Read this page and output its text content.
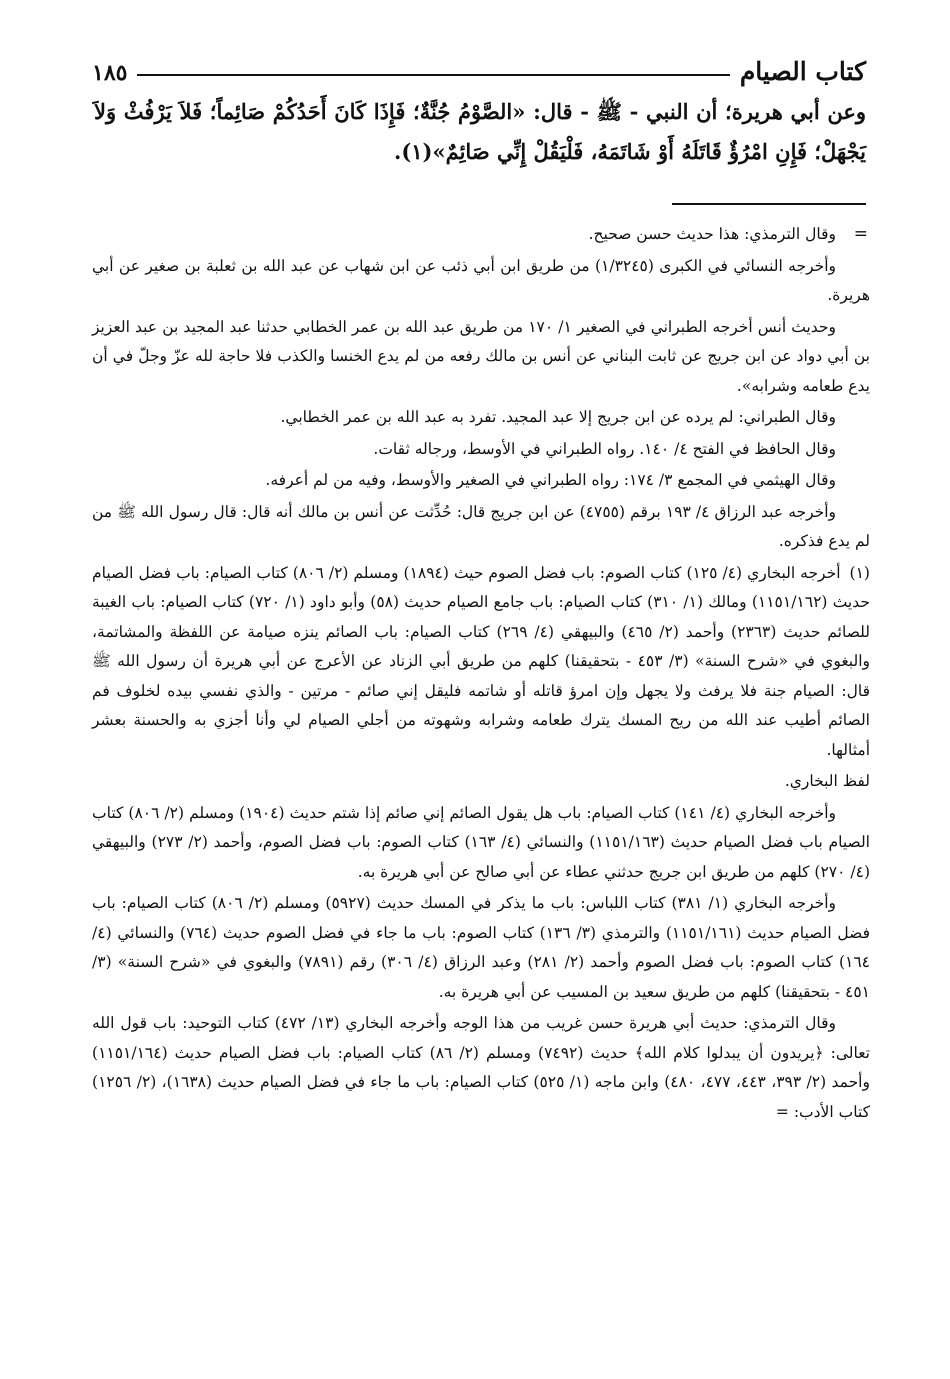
كتاب الصيام
١٨٥
وعن أبي هريرة؛ أن النبي - ﷺ - قال: «الصَّوْمُ جُنَّةٌ؛ فَإِذَا كَانَ أَحَدُكُمْ صَائِماً؛ فَلاَ يَرْفُثْ وَلاَ يَجْهَلْ؛ فَإِنِ امْرُؤٌ قَاتَلَهُ أَوْ شَاتَمَهُ، فَلْيَقُلْ إِنِّي صَائِمٌ»(١).

=
وقال الترمذي: هذا حديث حسن صحيح.

وأخرجه النسائي في الكبرى (١/٣٢٤٥) من طريق ابن أبي ذئب عن ابن شهاب عن عبد الله بن ثعلبة بن صغير عن أبي هريرة.

وحديث أنس أخرجه الطبراني في الصغير ١/ ١٧٠ من طريق عبد الله بن عمر الخطابي حدثنا عبد المجيد بن عبد العزيز بن أبي دواد عن ابن جريج عن ثابت البناني عن أنس بن مالك رفعه من لم يدع الخنسا والكذب فلا حاجة لله عزّ وجلّ في أن يدع طعامه وشرابه».

وقال الطبراني: لم يرده عن ابن جريج إلا عبد المجيد. تفرد به عبد الله بن عمر الخطابي.

وقال الحافظ في الفتح ٤/ ١٤٠. رواه الطبراني في الأوسط، ورجاله ثقات.

وقال الهيثمي في المجمع ٣/ ١٧٤: رواه الطبراني في الصغير والأوسط، وفيه من لم أعرفه.

وأخرجه عبد الرزاق ٤/ ١٩٣ برقم (٤٧٥٥) عن ابن جريج قال: حُدِّثت عن أنس بن مالك أنه قال: قال رسول الله ﷺ من لم يدع فذكره.

(١) أخرجه البخاري (٤/ ١٢٥) كتاب الصوم: باب فضل الصوم حيث (١٨٩٤) ومسلم (٢/ ٨٠٦) كتاب الصيام: باب فضل الصيام حديث (١١٥١/١٦٢) ومالك (١/ ٣١٠) كتاب الصيام: باب جامع الصيام حديث (٥٨) وأبو داود (١/ ٧٢٠) كتاب الصيام: باب الغيبة للصائم حديث (٢٣٦٣) وأحمد (٢/ ٤٦٥) والبيهقي (٤/ ٢٦٩) كتاب الصيام: باب الصائم ينزه صيامة عن اللفظة والمشاتمة، والبغوي في «شرح السنة» (٣/ ٤٥٣ - بتحقيقنا) كلهم من طريق أبي الزناد عن الأعرج عن أبي هريرة أن رسول الله ﷺ قال: الصيام جنة فلا يرفث ولا يجهل وإن امرؤ قاتله أو شاتمه فليقل إني صائم - مرتين - والذي نفسي بيده لخلوف فم الصائم أطيب عند الله من ريح المسك يترك طعامه وشرابه وشهوته من أجلي الصيام لي وأنا أجزي به والحسنة بعشر أمثالها.

لفظ البخاري.

وأخرجه البخاري (٤/ ١٤١) كتاب الصيام: باب هل يقول الصائم إني صائم إذا شتم حديث (١٩٠٤) ومسلم (٢/ ٨٠٦) كتاب الصيام باب فضل الصيام حديث (١١٥١/١٦٣) والنسائي (٤/ ١٦٣) كتاب الصوم: باب فضل الصوم، وأحمد (٢/ ٢٧٣) والبيهقي (٤/ ٢٧٠) كلهم من طريق ابن جريج حدثني عطاء عن أبي صالح عن أبي هريرة به.

وأخرجه البخاري (١/ ٣٨١) كتاب اللباس: باب ما يذكر في المسك حديث (٥٩٢٧) ومسلم (٢/ ٨٠٦) كتاب الصيام: باب فضل الصيام حديث (١١٥١/١٦١) والترمذي (٣/ ١٣٦) كتاب الصوم: باب ما جاء في فضل الصوم حديث (٧٦٤) والنسائي (٤/ ١٦٤) كتاب الصوم: باب فضل الصوم وأحمد (٢/ ٢٨١) وعبد الرزاق (٤/ ٣٠٦) رقم (٧٨٩١) والبغوي في «شرح السنة» (٣/ ٤٥١ - بتحقيقنا) كلهم من طريق سعيد بن المسيب عن أبي هريرة به.

وقال الترمذي: حديث أبي هريرة حسن غريب من هذا الوجه وأخرجه البخاري (١٣/ ٤٧٢) كتاب التوحيد: باب قول الله تعالى: ﴿يريدون أن يبدلوا كلام الله﴾ حديث (٧٤٩٢) ومسلم (٢/ ٨٦) كتاب الصيام: باب فضل الصيام حديث (١١٥١/١٦٤) وأحمد (٢/ ٣٩٣، ٤٤٣، ٤٧٧، ٤٨٠) وابن ماجه (١/ ٥٢٥) كتاب الصيام: باب ما جاء في فضل الصيام حديث (١٦٣٨)، (٢/ ١٢٥٦) كتاب الأدب: =
